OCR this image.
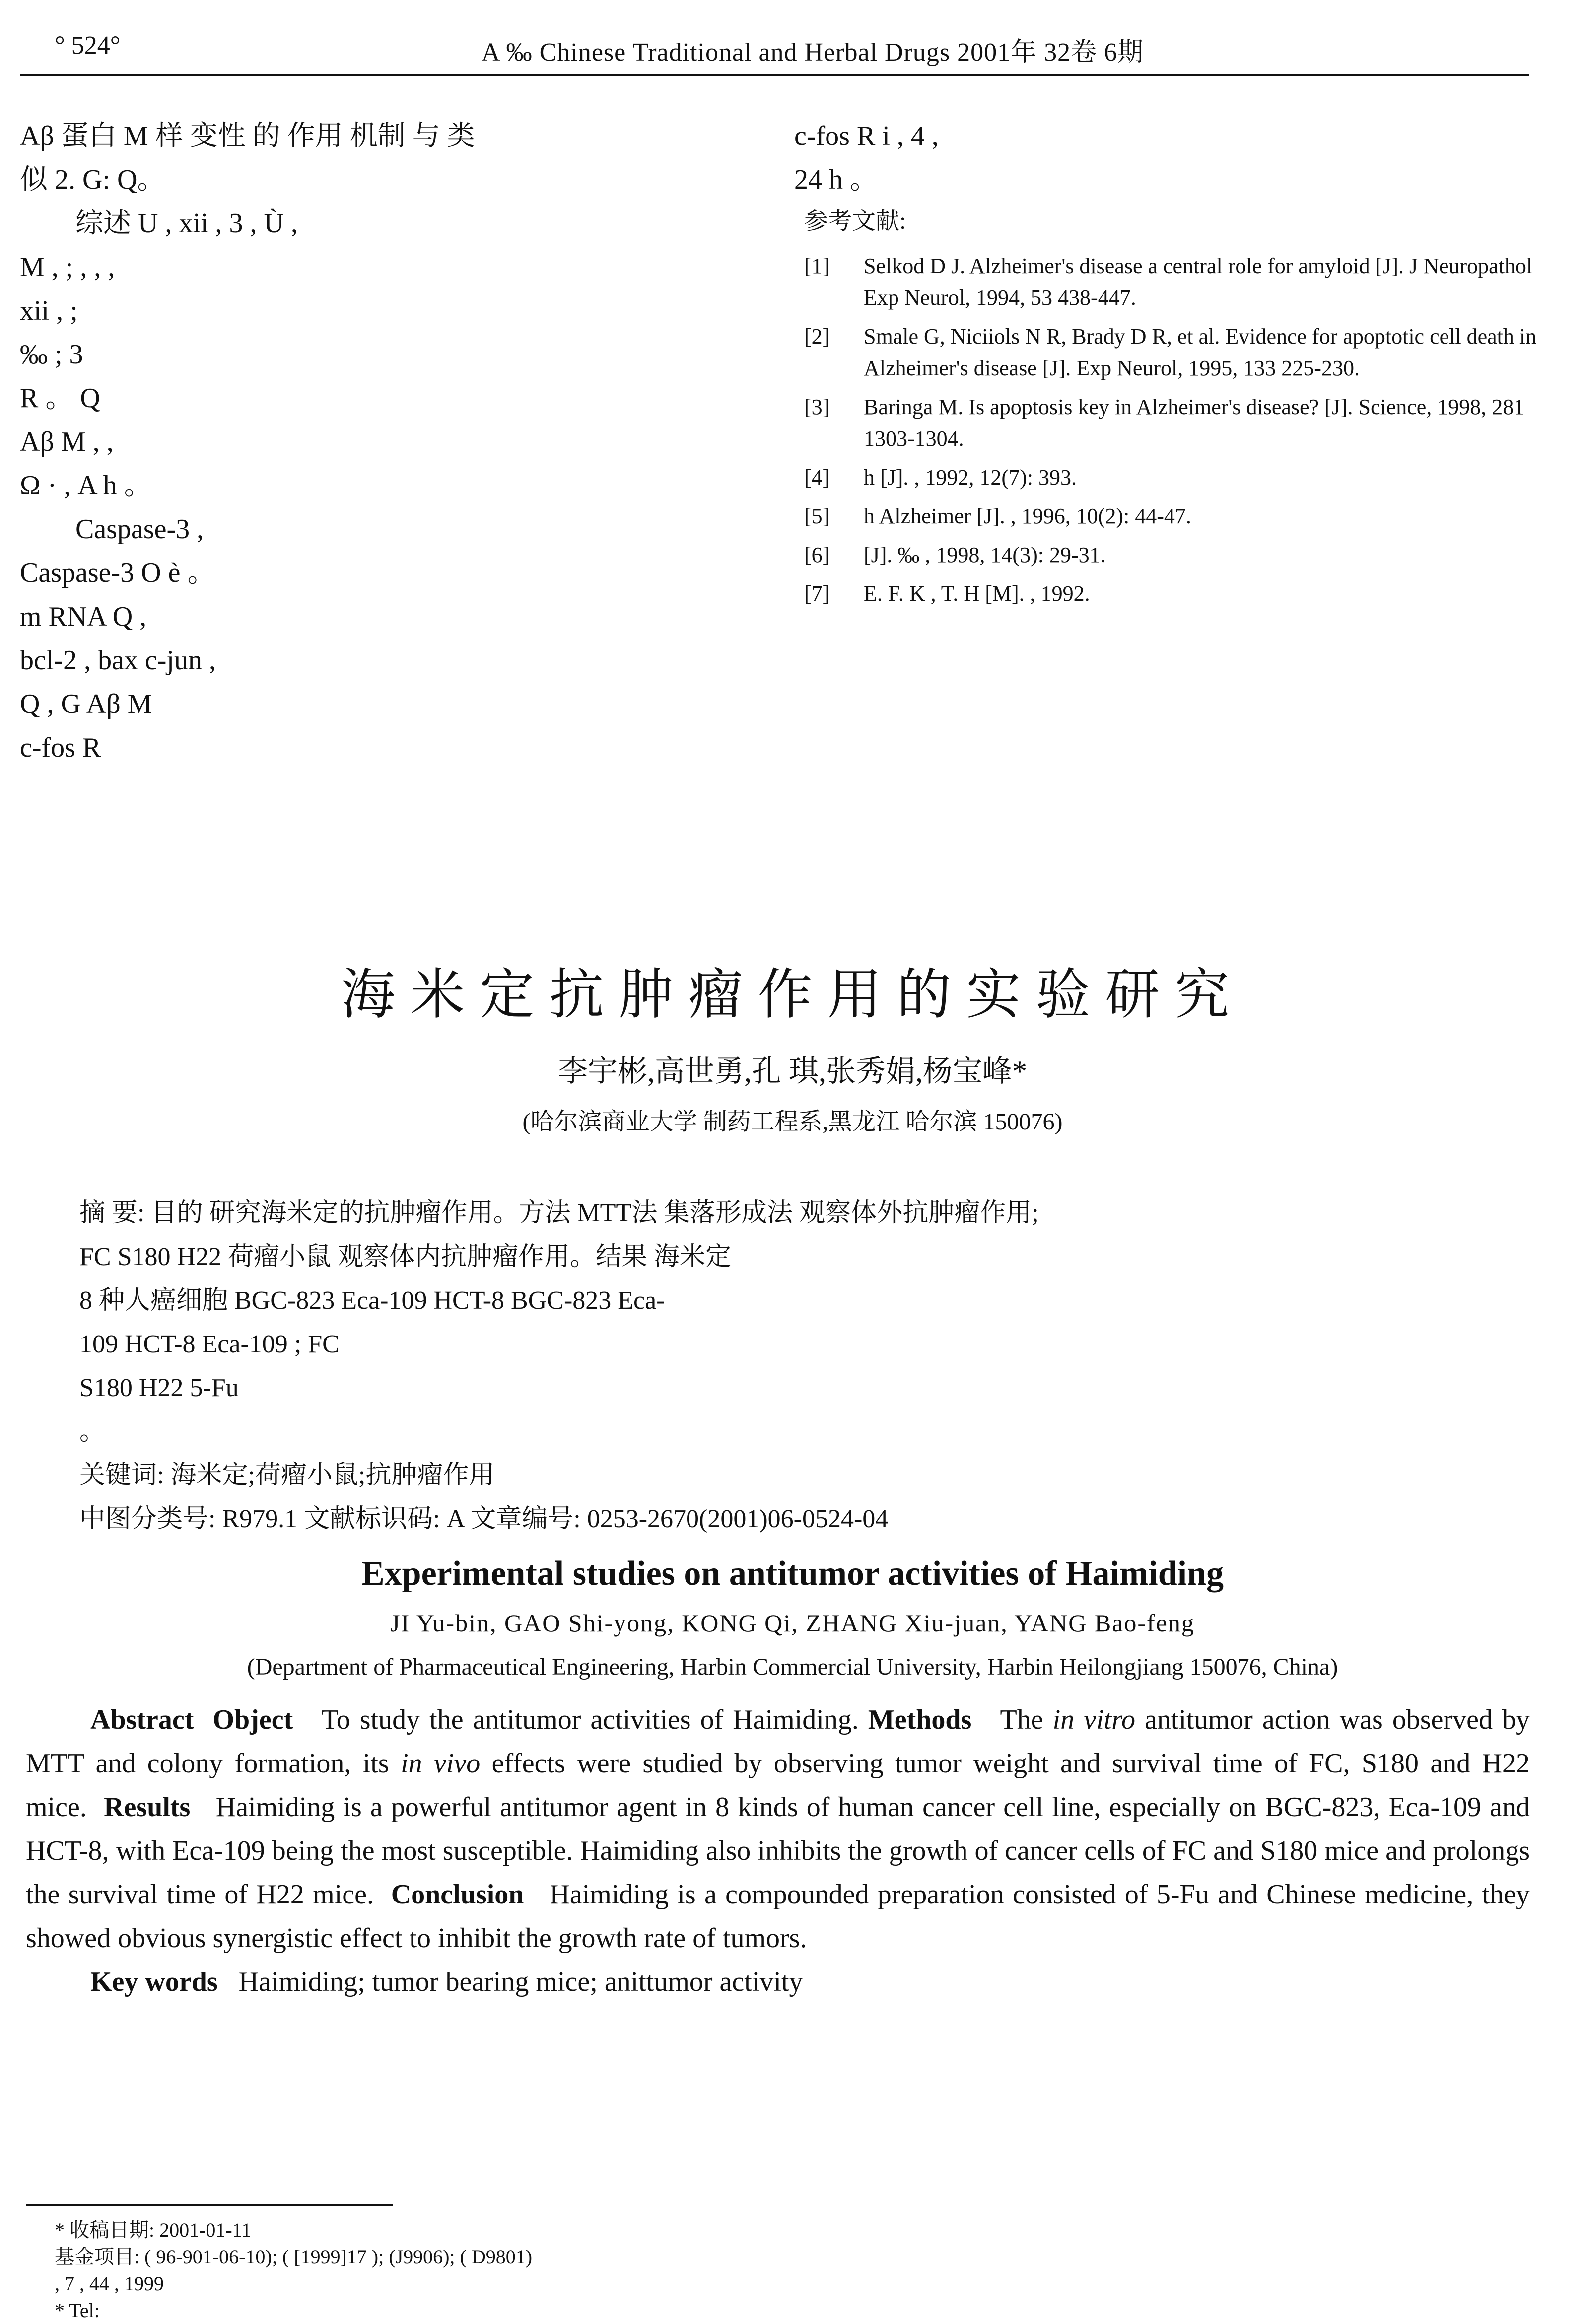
° 524°	A ‰ Chinese Traditional and Herbal Drugs 2001年 32卷 6期

Aβ 蛋白 M 样 变性 的 作用 机制 与 类

似 2. G: Q。

综述 U , xii , 3 , Ù ,

M , ; , , ,

xii , ;

‰ ; 3

R 。 Q

Aβ M , ,

Ω · , A h 。

Caspase-3 ,

Caspase-3 O è 。

m RNA Q ,

bcl-2 , bax c-jun ,

Q , G Aβ M

c-fos R

c-fos R i , 4 ,

24 h 。

参考文献:

[1] Selkod D J. Alzheimer's disease a central role for amyloid [J]. J Neuropathol Exp Neurol, 1994, 53 438-447.
[2] Smale G, Niciiols N R, Brady D R, et al. Evidence for apoptotic cell death in Alzheimer's disease [J]. Exp Neurol, 1995, 133 225-230.
[3] Baringa M. Is apoptosis key in Alzheimer's disease? [J]. Science, 1998, 281 1303-1304.
[4] h [J]. , 1992, 12(7): 393.
[5] h Alzheimer [J]. , 1996, 10(2): 44-47.
[6] [J]. ‰ , 1998, 14(3): 29-31.
[7] E. F. K , T. H [M]. , 1992.
海米定抗肿瘤作用的实验研究
李宇彬,高世勇,孔 琪,张秀娟,杨宝峰*
(哈尔滨商业大学 制药工程系,黑龙江 哈尔滨 150076)

摘 要: 目的 研究海米定的抗肿瘤作用。方法 MTT法 集落形成法 观察体外抗肿瘤作用;

FC S180 H22 荷瘤小鼠 观察体内抗肿瘤作用。结果 海米定

8 种人癌细胞 BGC-823 Eca-109 HCT-8 BGC-823 Eca-

109 HCT-8 Eca-109 ; FC

S180 H22 5-Fu

。

关键词: 海米定;荷瘤小鼠;抗肿瘤作用

中图分类号: R979.1 文献标识码: A 文章编号: 0253-2670(2001)06-0524-04

Experimental studies on antitumor activities of Haimiding
JI Yu-bin, GAO Shi-yong, KONG Qi, ZHANG Xiu-juan, YANG Bao-feng
(Department of Pharmaceutical Engineering, Harbin Commercial University, Harbin Heilongjiang 150076, China)

Abstract Object To study the antitumor activities of Haimiding. Methods The in vitro antitumor action was observed by MTT and colony formation, its in vivo effects were studied by observing tumor weight and survival time of FC, S180 and H22 mice. Results Haimiding is a powerful antitumor agent in 8 kinds of human cancer cell line, especially on BGC-823, Eca-109 and HCT-8, with Eca-109 being the most susceptible. Haimiding also inhibits the growth of cancer cells of FC and S180 mice and prolongs the survival time of H22 mice. Conclusion Haimiding is a compounded preparation consisted of 5-Fu and Chinese medicine, they showed obvious synergistic effect to inhibit the growth rate of tumors.

Key words Haimiding; tumor bearing mice; anittumor activity

* 收稿日期: 2001-01-11

基金项目: ( 96-901-06-10); ( [1999]17 ); (J9906); ( D9801)

, 7 , 44 , 1999

* Tel:
